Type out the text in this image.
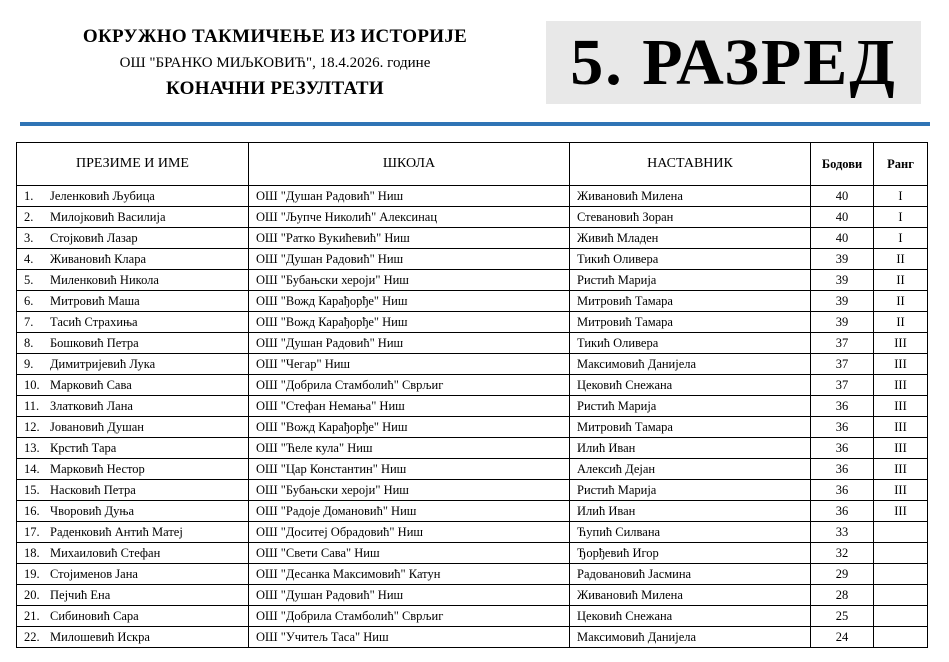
ОКРУЖНО ТАКМИЧЕЊЕ ИЗ ИСТОРИЈЕ
ОШ "БРАНКО МИЉКОВИЋ", 18.4.2026. године
КОНАЧНИ РЕЗУЛТАТИ	5. РАЗРЕД
ПРЕЗИМЕ И ИМЕ	ШКОЛА	НАСТАВНИК	Бодови	Ранг
1. Јеленковић Љубица	ОШ "Душан Радовић" Ниш	Живановић Милена	40	I
2. Милојковић Василија	ОШ "Љупче Николић" Алексинац	Стевановић Зоран	40	I
3. Стојковић Лазар	ОШ "Ратко Вукићевић" Ниш	Живић Младен	40	I
4. Живановић Клара	ОШ "Душан Радовић" Ниш	Тикић Оливера	39	II
5. Миленковић Никола	ОШ "Бубањски хероји" Ниш	Ристић Марија	39	II
6. Митровић Маша	ОШ "Вожд Карађорђе" Ниш	Митровић Тамара	39	II
7. Тасић Страхиња	ОШ "Вожд Карађорђе" Ниш	Митровић Тамара	39	II
8. Бошковић Петра	ОШ "Душан Радовић" Ниш	Тикић Оливера	37	III
9. Димитријевић Лука	ОШ "Чегар" Ниш	Максимовић Данијела	37	III
10. Марковић Сава	ОШ "Добрила Стамболић" Сврљиг	Цековић Снежана	37	III
11. Златковић Лана	ОШ "Стефан Немања" Ниш	Ристић Марија	36	III
12. Јовановић Душан	ОШ "Вожд Карађорђе" Ниш	Митровић Тамара	36	III
13. Крстић Тара	ОШ "Ћеле кула" Ниш	Илић Иван	36	III
14. Марковић Нестор	ОШ "Цар Константин" Ниш	Алексић Дејан	36	III
15. Насковић Петра	ОШ "Бубањски хероји" Ниш	Ристић Марија	36	III
16. Чворовић Дуња	ОШ "Радоје Домановић" Ниш	Илић Иван	36	III
17. Раденковић Антић Матеј	ОШ "Доситеј Обрадовић" Ниш	Ћупић Силвана	33	
18. Михаиловић Стефан	ОШ "Свети Сава" Ниш	Ђорђевић Игор	32	
19. Стојименов Јана	ОШ "Десанка Максимовић" Катун	Радовановић Јасмина	29	
20. Пејчић Ена	ОШ "Душан Радовић" Ниш	Живановић Милена	28	
21. Сибиновић Сара	ОШ "Добрила Стамболић" Сврљиг	Цековић Снежана	25	
22. Милошевић Искра	ОШ "Учитељ Таса" Ниш	Максимовић Данијела	24	
